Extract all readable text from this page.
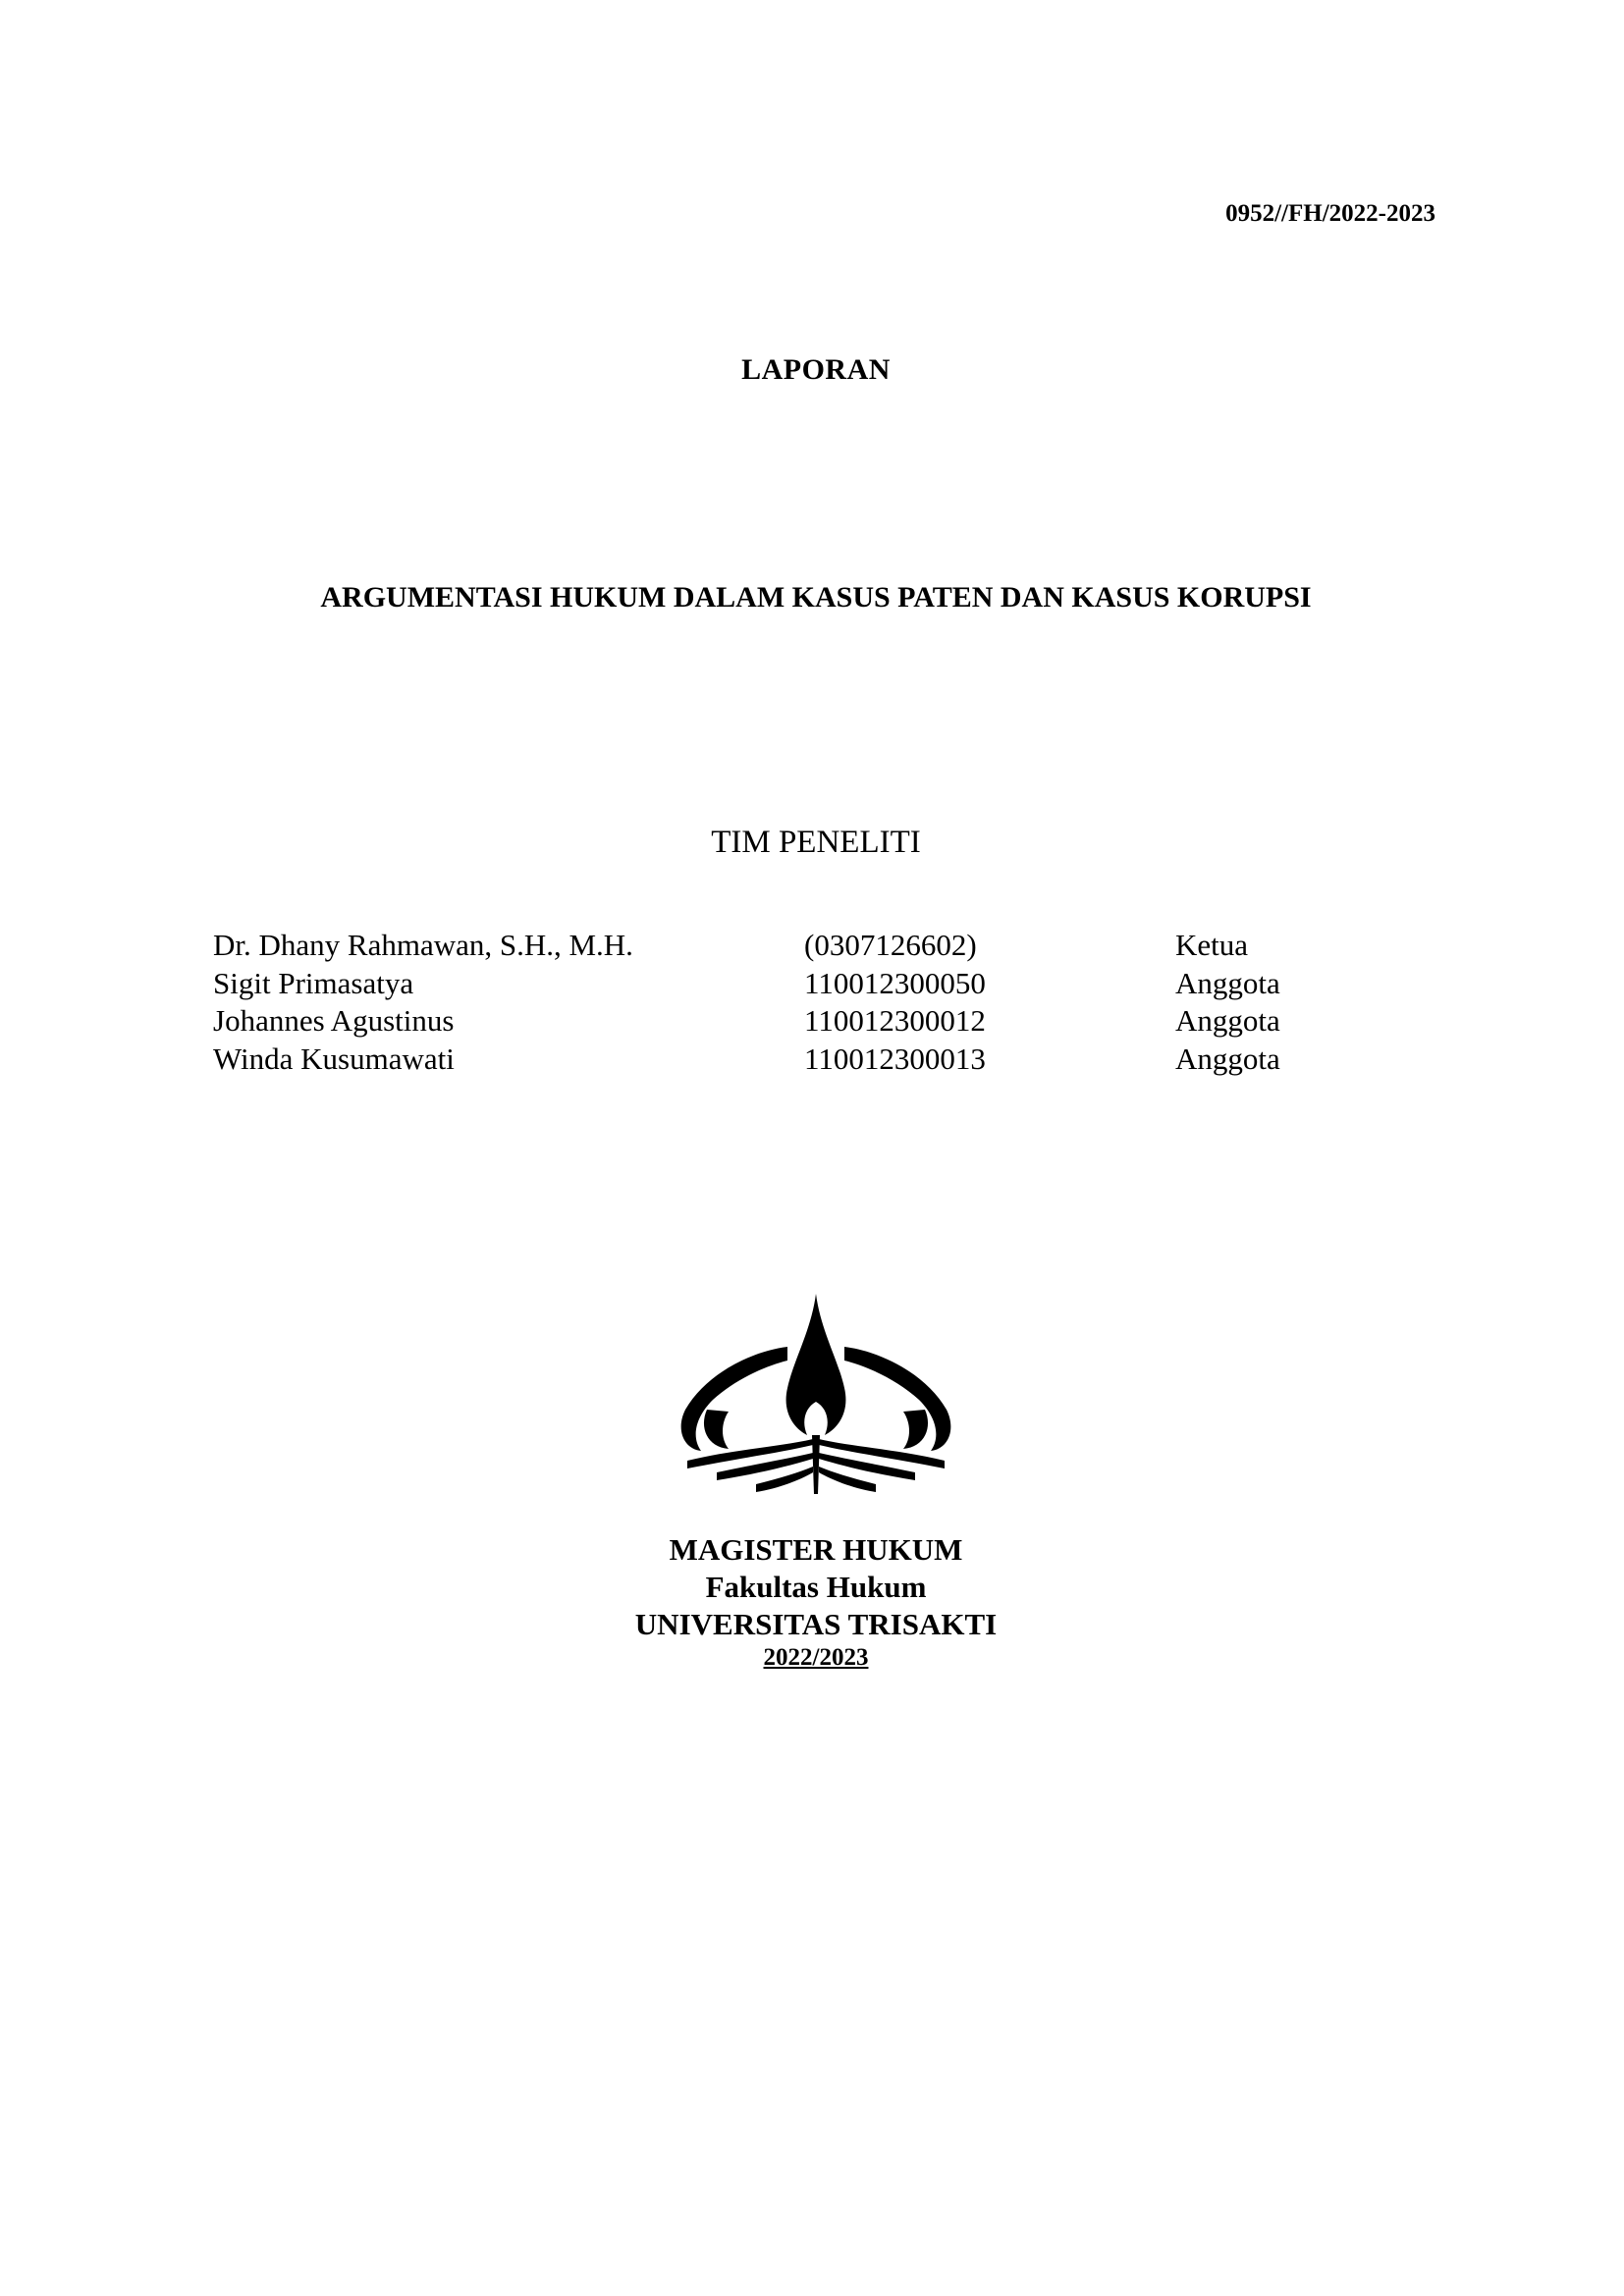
0952//FH/2022-2023
LAPORAN
ARGUMENTASI HUKUM DALAM KASUS PATEN DAN KASUS KORUPSI
TIM PENELITI
Dr. Dhany Rahmawan, S.H., M.H.	(0307126602)	Ketua
Sigit Primasatya	110012300050	Anggota
Johannes Agustinus	110012300012	Anggota
Winda Kusumawati	110012300013	Anggota
MAGISTER HUKUM
Fakultas Hukum
UNIVERSITAS TRISAKTI
2022/2023
